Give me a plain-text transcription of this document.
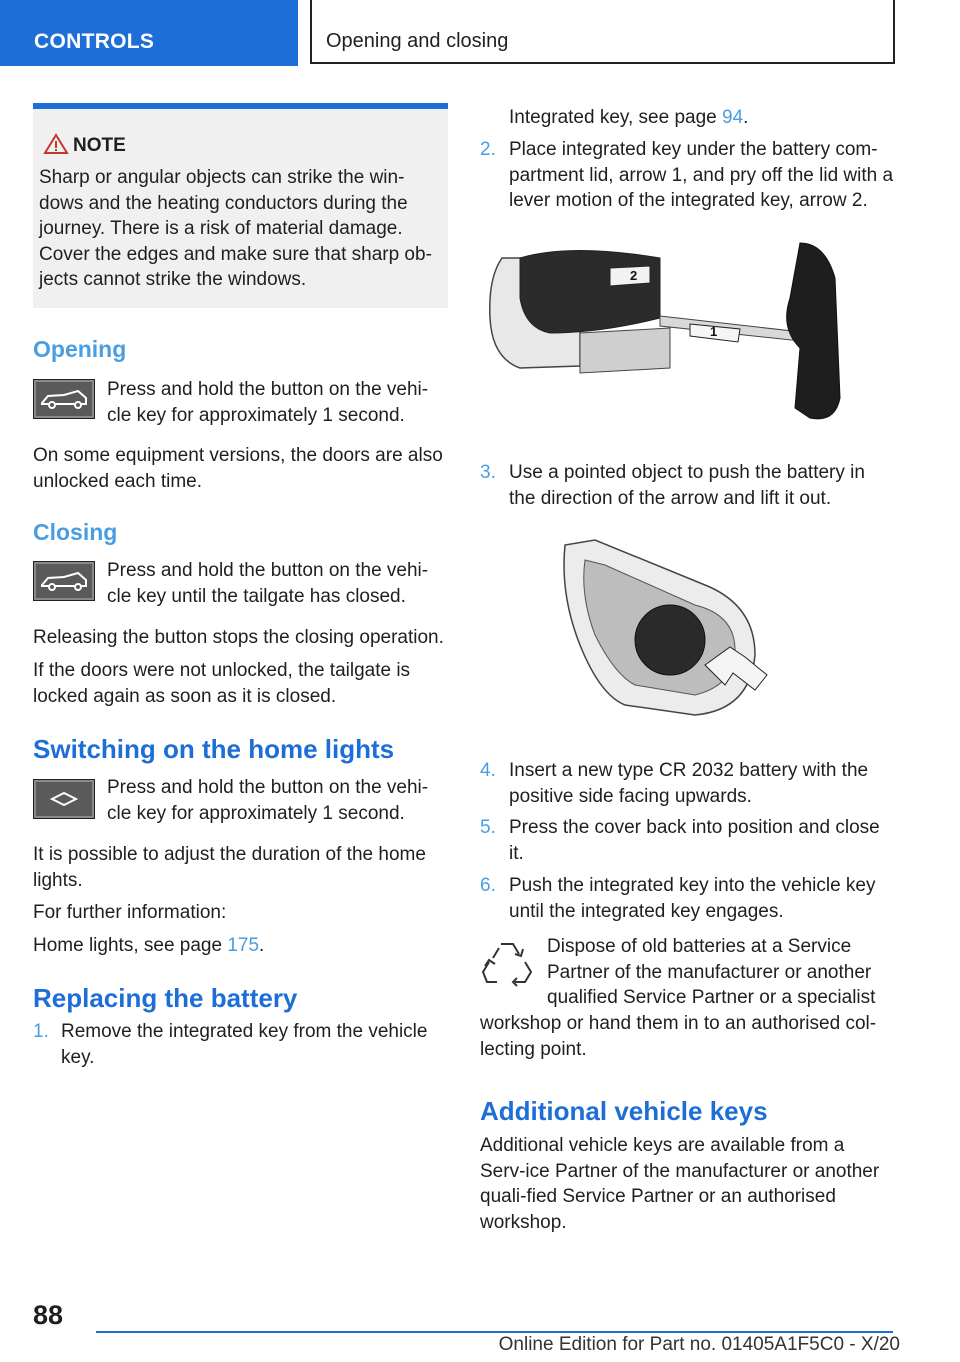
CONTROLS	Opening and closing
NOTE
Sharp or angular objects can strike the win-dows and the heating conductors during the journey. There is a risk of material damage. Cover the edges and make sure that sharp ob-jects cannot strike the windows.
Opening
Press and hold the button on the vehi-cle key for approximately 1 second.
On some equipment versions, the doors are also unlocked each time.
Closing
Press and hold the button on the vehi-cle key until the tailgate has closed.
Releasing the button stops the closing operation.
If the doors were not unlocked, the tailgate is locked again as soon as it is closed.
Switching on the home lights
Press and hold the button on the vehi-cle key for approximately 1 second.
It is possible to adjust the duration of the home lights.
For further information:
Home lights, see page 175.
Replacing the battery
1. Remove the integrated key from the vehicle key.
Integrated key, see page 94.
2. Place integrated key under the battery com-partment lid, arrow 1, and pry off the lid with a lever motion of the integrated key, arrow 2.
2
1
3. Use a pointed object to push the battery in the direction of the arrow and lift it out.
4. Insert a new type CR 2032 battery with the positive side facing upwards.
5. Press the cover back into position and close it.
6. Push the integrated key into the vehicle key until the integrated key engages.
Dispose of old batteries at a Service Partner of the manufacturer or another qualified Service Partner or a specialist
workshop or hand them in to an authorised col-lecting point.
Additional vehicle keys
Additional vehicle keys are available from a Serv-ice Partner of the manufacturer or another quali-fied Service Partner or an authorised workshop.
88
Online Edition for Part no. 01405A1F5C0 - X/20
